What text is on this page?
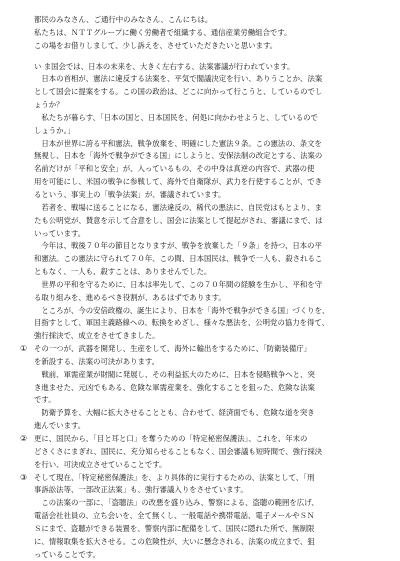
都民のみなさん、ご通行中のみなさん、こんにちは。

私たちは、ＮＴＴグループに働く労働者で組織する、通信産業労働組合です。

この場をお借りしまして、少し訴えを、させていただきたいと思います。

い ま国会では、日本の未来を、大きく左右する、法案審議が行われています。

　日本の首相が、憲法に違反する法案を、平気で閣議決定を行い、ありうことか、法案

として国会に提案をする。この国の政治は、どこに向かって行こうと、しているのでし

ょうか？

　私たちが暮らす、「日本の国と、日本国民を、何処に向かわせようと、しているので

しょうか。」

　日本が世界に誇る平和憲法、戦争放棄を、明確にした憲法９条。この憲法の、条文を

無視し、日本を「海外で戦争ができる国」にしようと、安保法制の改定とする、法案の

名前だけが「平和と安全」が、入っているもの、その中身は真逆の内容で、武器の使

用を可能にし、米国の戦争に参戦して、海外で自衛隊が、武力を行使することが、でき

るという、事実上の「戦争法案」が、審議されています。

　若者を、戦場に送ることになる、憲法違反の、稀代の悪法に、自民党はもとより、ま

たも公明党が、賛意を示して合意をし、国会に法案として提起がされ、審議にまで、は

いっています。

　今年は、戦後７０年の節目となりますが、戦争を放棄した「９条」を持つ、日本の平

和憲法。この憲法に守られて７０年、この間、日本国民は、戦争で一人も、殺されるこ

ともなく、一人も、殺すことは、ありませんでした。

　世界の平和を守るために、日本は率先して、この７０年間の経験を生かし、平和を守

る取り組みを、進めるべき役割が、あるはずであります。

　ところが、今の安倍政権の、誕生により、日本を「海外で戦争ができる国」づくりを、

目指すとして、軍国主義路線への、転換をめざし、様々な悪法を、公明党の協力を得て、

強行採決で、成立をさせてきました。

① その一つが、武器を開発し、生産をして、海外に輸出をするために、「防衛装備庁」

を新設する、法案の可決があります。

　戦前、軍需産業が財閥に発展し、その利益拡大のために、日本を侵略戦争へと、突

き進ませた、元凶でもある、危険な軍需産業を、強化することを狙った、危険な法案

です。

　防衛予算を、大幅に拡大させることとも、合わせて、経済面でも、危険な道を突き

進んでいます。

② 更に、国民から、「目と耳と口」を奪うための「特定秘密保護法」、これを、年末の

どさくさにまぎれ、国民に、充分知らせることもなく、国会審議も短時間で、強行採決

を行い、可決成立させていることです。

③ そして現在、「特定秘密保護法」を、より具体的に実行するための、法案として、「刑

事訴訟法等、一部改正法案」も、強行審議入りをさせています。

　この法案の一部に、「盗聴法」の改悪を盛り込み、警察による、盗聴の範囲を広げ、

電話会社社員の、立ち会いを、全て無くし、一般電話や携帯電話、電子メールやＳＮ

Ｓにまで、盗聴ができる装置を、警察内部に配備をして、国民に隠れた所で、無制限

に、情報取集を拡大させる。この危険性が、大いに懸念される、法案の成立まで、狙

っていることです。
